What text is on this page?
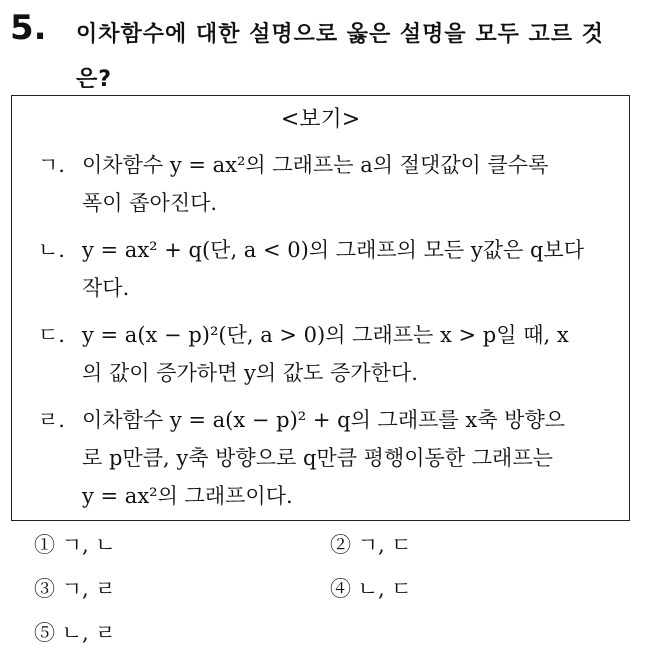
5. 이차함수에 대한 설명으로 옳은 설명을 모두 고르 것은?
<보기>
ㄱ. 이차함수 y = ax²의 그래프는 a의 절댓값이 클수록
폭이 좁아진다.
ㄴ. y = ax² + q(단, a < 0)의 그래프의 모든 y값은 q보다
작다.
ㄷ. y = a(x − p)²(단, a > 0)의 그래프는 x > p일 때, x
의 값이 증가하면 y의 값도 증가한다.
ㄹ. 이차함수 y = a(x − p)² + q의 그래프를 x축 방향으
로 p만큼, y축 방향으로 q만큼 평행이동한 그래프는
y = ax²의 그래프이다.
① ㄱ, ㄴ	② ㄱ, ㄷ
③ ㄱ, ㄹ	④ ㄴ, ㄷ
⑤ ㄴ, ㄹ
